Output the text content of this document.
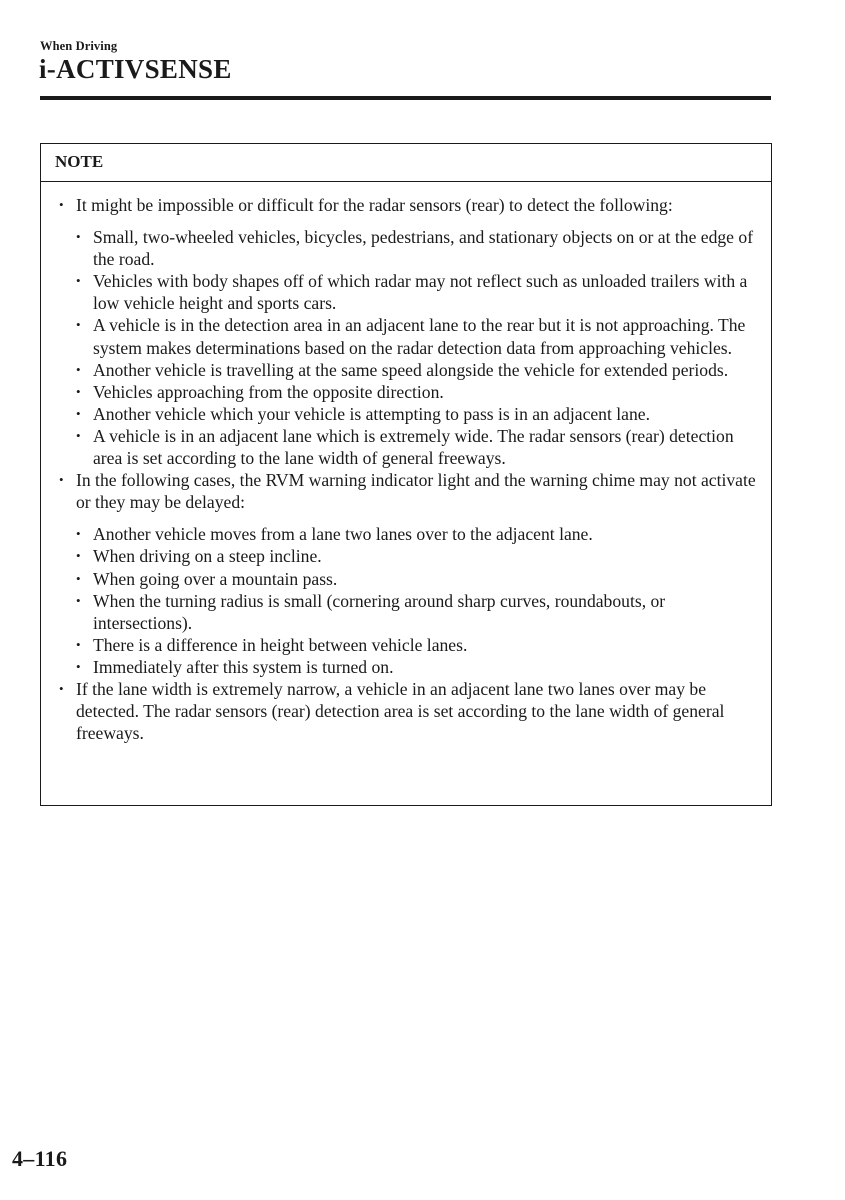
When Driving
i-ACTIVSENSE
NOTE
• It might be impossible or difficult for the radar sensors (rear) to detect the following:
• Small, two-wheeled vehicles, bicycles, pedestrians, and stationary objects on or at the edge of the road.
• Vehicles with body shapes off of which radar may not reflect such as unloaded trailers with a low vehicle height and sports cars.
• A vehicle is in the detection area in an adjacent lane to the rear but it is not approaching. The system makes determinations based on the radar detection data from approaching vehicles.
• Another vehicle is travelling at the same speed alongside the vehicle for extended periods.
• Vehicles approaching from the opposite direction.
• Another vehicle which your vehicle is attempting to pass is in an adjacent lane.
• A vehicle is in an adjacent lane which is extremely wide. The radar sensors (rear) detection area is set according to the lane width of general freeways.
• In the following cases, the RVM warning indicator light and the warning chime may not activate or they may be delayed:
• Another vehicle moves from a lane two lanes over to the adjacent lane.
• When driving on a steep incline.
• When going over a mountain pass.
• When the turning radius is small (cornering around sharp curves, roundabouts, or intersections).
• There is a difference in height between vehicle lanes.
• Immediately after this system is turned on.
• If the lane width is extremely narrow, a vehicle in an adjacent lane two lanes over may be detected. The radar sensors (rear) detection area is set according to the lane width of general freeways.
4–116
